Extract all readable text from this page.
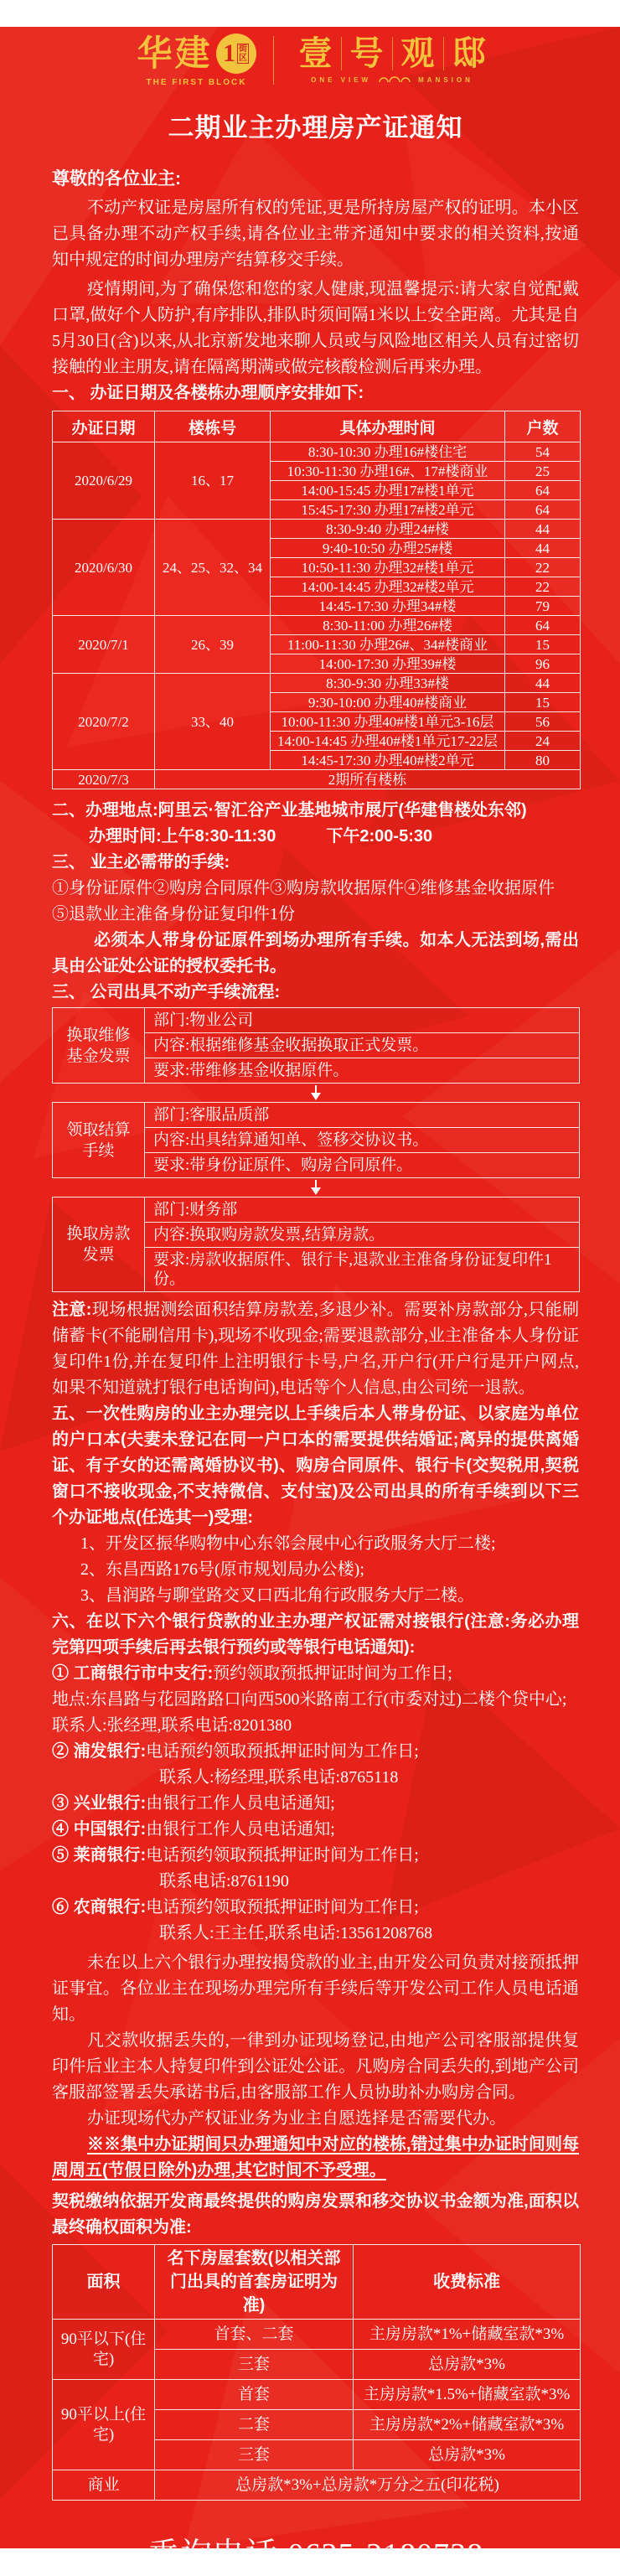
华建 1 街
区
THE FIRST BLOCK
壹 号 观 邸
ONE VIEW	MANSION
二期业主办理房产证通知

尊敬的各位业主:

不动产权证是房屋所有权的凭证,更是所持房屋产权的证明。本小区已具备办理不动产权手续,请各位业主带齐通知中要求的相关资料,按通知中规定的时间办理房产结算移交手续。

疫情期间,为了确保您和您的家人健康,现温馨提示:请大家自觉配戴口罩,做好个人防护,有序排队,排队时须间隔1米以上安全距离。尤其是自5月30日(含)以来,从北京新发地来聊人员或与风险地区相关人员有过密切接触的业主朋友,请在隔离期满或做完核酸检测后再来办理。

一、 办证日期及各楼栋办理顺序安排如下:

办证日期	楼栋号	具体办理时间	户数
2020/6/29	16、17	8:30-10:30 办理16#楼住宅	54
		10:30-11:30 办理16#、17#楼商业	25
		14:00-15:45 办理17#楼1单元	64
		15:45-17:30 办理17#楼2单元	64
2020/6/30	24、25、32、34	8:30-9:40 办理24#楼	44
		9:40-10:50 办理25#楼	44
		10:50-11:30 办理32#楼1单元	22
		14:00-14:45 办理32#楼2单元	22
		14:45-17:30 办理34#楼	79
2020/7/1	26、39	8:30-11:00 办理26#楼	64
		11:00-11:30 办理26#、34#楼商业	15
		14:00-17:30 办理39#楼	96
2020/7/2	33、40	8:30-9:30 办理33#楼	44
		9:30-10:00 办理40#楼商业	15
		10:00-11:30 办理40#楼1单元3-16层	56
		14:00-14:45 办理40#楼1单元17-22层	24
		14:45-17:30 办理40#楼2单元	80
2020/7/3	2期所有楼栋		

二、办理地点:阿里云·智汇谷产业基地城市展厅(华建售楼处东邻)

办理时间:上午8:30-11:30　　　下午2:00-5:30

三、 业主必需带的手续:

①身份证原件②购房合同原件③购房款收据原件④维修基金收据原件

⑤退款业主准备身份证复印件1份

必须本人带身份证原件到场办理所有手续。如本人无法到场,需出具由公证处公证的授权委托书。

三、 公司出具不动产手续流程:

换取维修基金发票
部门:物业公司
内容:根据维修基金收据换取正式发票。
要求:带维修基金收据原件。
领取结算手续
部门:客服品质部
内容:出具结算通知单、签移交协议书。
要求:带身份证原件、购房合同原件。
换取房款发票
部门:财务部
内容:换取购房款发票,结算房款。
要求:房款收据原件、银行卡,退款业主准备身份证复印件1份。

注意:现场根据测绘面积结算房款差,多退少补。需要补房款部分,只能刷储蓄卡(不能刷信用卡),现场不收现金;需要退款部分,业主准备本人身份证复印件1份,并在复印件上注明银行卡号,户名,开户行(开户行是开户网点,如果不知道就打银行电话询问),电话等个人信息,由公司统一退款。

五、一次性购房的业主办理完以上手续后本人带身份证、以家庭为单位的户口本(夫妻未登记在同一户口本的需要提供结婚证;离异的提供离婚证、有子女的还需离婚协议书)、购房合同原件、银行卡(交契税用,契税窗口不接收现金,不支持微信、支付宝)及公司出具的所有手续到以下三个办证地点(任选其一)受理:

1、开发区振华购物中心东邻会展中心行政服务大厅二楼;

2、东昌西路176号(原市规划局办公楼);

3、昌润路与聊堂路交叉口西北角行政服务大厅二楼。

六、在以下六个银行贷款的业主办理产权证需对接银行(注意:务必办理完第四项手续后再去银行预约或等银行电话通知):

① 工商银行市中支行:预约领取预抵押证时间为工作日;

地点:东昌路与花园路路口向西500米路南工行(市委对过)二楼个贷中心;

联系人:张经理,联系电话:8201380

② 浦发银行:电话预约领取预抵押证时间为工作日;

联系人:杨经理,联系电话:8765118

③ 兴业银行:由银行工作人员电话通知;

④ 中国银行:由银行工作人员电话通知;

⑤ 莱商银行:电话预约领取预抵押证时间为工作日;

联系电话:8761190

⑥ 农商银行:电话预约领取预抵押证时间为工作日;

联系人:王主任,联系电话:13561208768

未在以上六个银行办理按揭贷款的业主,由开发公司负责对接预抵押证事宜。各位业主在现场办理完所有手续后等开发公司工作人员电话通知。

凡交款收据丢失的,一律到办证现场登记,由地产公司客服部提供复印件后业主本人持复印件到公证处公证。凡购房合同丢失的,到地产公司客服部签署丢失承诺书后,由客服部工作人员协助补办购房合同。

办证现场代办产权证业务为业主自愿选择是否需要代办。

※※集中办证期间只办理通知中对应的楼栋,错过集中办证时间则每周周五(节假日除外)办理,其它时间不予受理。

契税缴纳依据开发商最终提供的购房发票和移交协议书金额为准,面积以最终确权面积为准:

面积	名下房屋套数(以相关部门出具的首套房证明为准)	收费标准
90平以下(住宅)	首套、二套	主房房款*1%+储藏室款*3%
	三套	总房款*3%
90平以上(住宅)	首套	主房房款*1.5%+储藏室款*3%
	二套	主房房款*2%+储藏室款*3%
	三套	总房款*3%
商业	总房款*3%+总房款*万分之五(印花税)	

垂询电话:0635-2180738
